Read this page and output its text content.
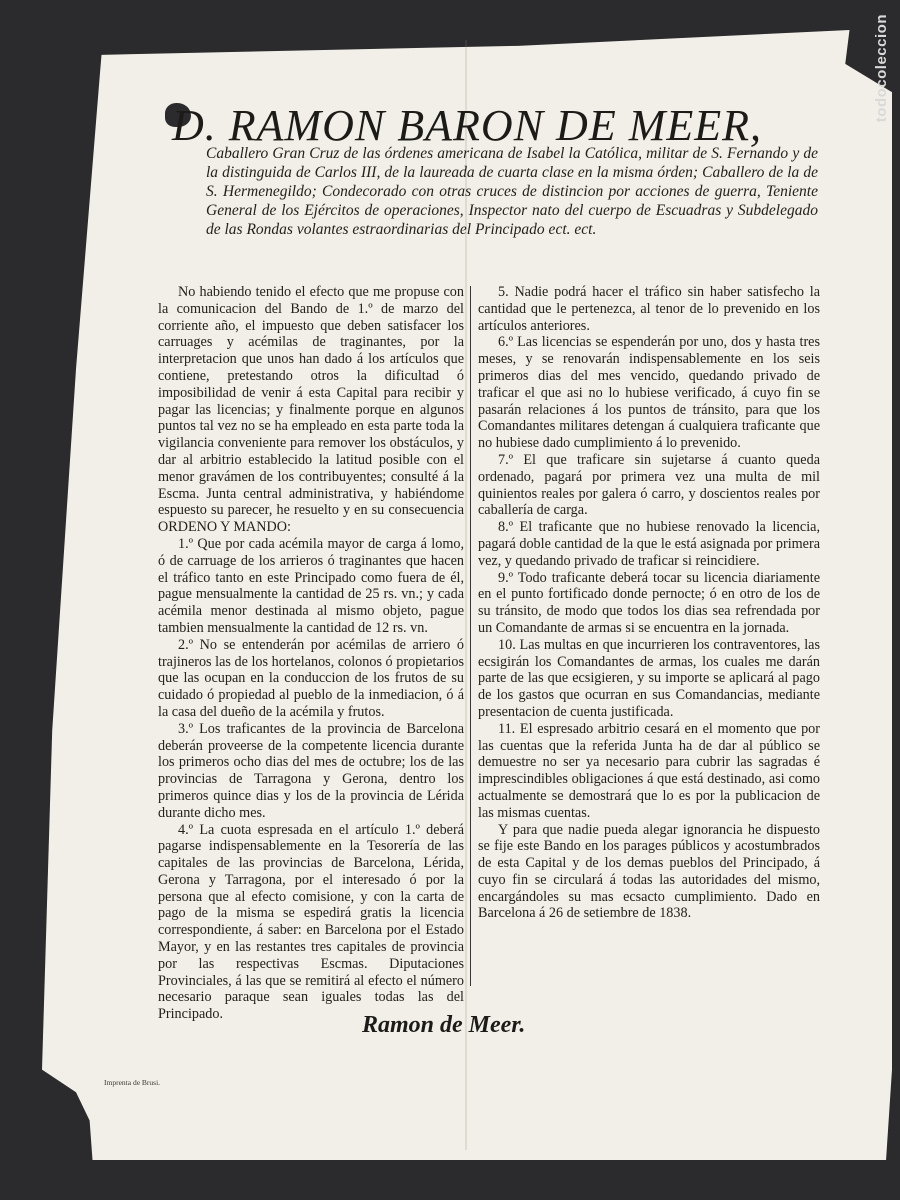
todocoleccion
D. RAMON BARON DE MEER,
Caballero Gran Cruz de las órdenes americana de Isabel la Católica, militar de S. Fernando y de la distinguida de Carlos III, de la laureada de cuarta clase en la misma órden; Caballero de la de S. Hermenegildo; Condecorado con otras cruces de distincion por acciones de guerra, Teniente General de los Ejércitos de operaciones, Inspector nato del cuerpo de Escuadras y Subdelegado de las Rondas volantes estraordinarias del Principado ect. ect.

No habiendo tenido el efecto que me propuse con la comunicacion del Bando de 1.º de marzo del corriente año, el impuesto que deben satisfacer los carruages y acémilas de traginantes, por la interpretacion que unos han dado á los artículos que contiene, pretestando otros la dificultad ó imposibilidad de venir á esta Capital para recibir y pagar las licencias; y finalmente porque en algunos puntos tal vez no se ha empleado en esta parte toda la vigilancia conveniente para remover los obstáculos, y dar al arbitrio establecido la latitud posible con el menor gravámen de los contribuyentes; consulté á la Escma. Junta central administrativa, y habiéndome espuesto su parecer, he resuelto y en su consecuencia ORDENO Y MANDO:

1.º Que por cada acémila mayor de carga á lomo, ó de carruage de los arrieros ó traginantes que hacen el tráfico tanto en este Principado como fuera de él, pague mensualmente la cantidad de 25 rs. vn.; y cada acémila menor destinada al mismo objeto, pague tambien mensualmente la cantidad de 12 rs. vn.

2.º No se entenderán por acémilas de arriero ó trajineros las de los hortelanos, colonos ó propietarios que las ocupan en la conduccion de los frutos de su cuidado ó propiedad al pueblo de la inmediacion, ó á la casa del dueño de la acémila y frutos.

3.º Los traficantes de la provincia de Barcelona deberán proveerse de la competente licencia durante los primeros ocho dias del mes de octubre; los de las provincias de Tarragona y Gerona, dentro los primeros quince dias y los de la provincia de Lérida durante dicho mes.

4.º La cuota espresada en el artículo 1.º deberá pagarse indispensablemente en la Tesorería de las capitales de las provincias de Barcelona, Lérida, Gerona y Tarragona, por el interesado ó por la persona que al efecto comisione, y con la carta de pago de la misma se espedirá gratis la licencia correspondiente, á saber: en Barcelona por el Estado Mayor, y en las restantes tres capitales de provincia por las respectivas Escmas. Diputaciones Provinciales, á las que se remitirá al efecto el número necesario paraque sean iguales todas las del Principado.

5. Nadie podrá hacer el tráfico sin haber satisfecho la cantidad que le pertenezca, al tenor de lo prevenido en los artículos anteriores.

6.º Las licencias se espenderán por uno, dos y hasta tres meses, y se renovarán indispensablemente en los seis primeros dias del mes vencido, quedando privado de traficar el que asi no lo hubiese verificado, á cuyo fin se pasarán relaciones á los puntos de tránsito, para que los Comandantes militares detengan á cualquiera traficante que no hubiese dado cumplimiento á lo prevenido.

7.º El que traficare sin sujetarse á cuanto queda ordenado, pagará por primera vez una multa de mil quinientos reales por galera ó carro, y doscientos reales por caballería de carga.

8.º El traficante que no hubiese renovado la licencia, pagará doble cantidad de la que le está asignada por primera vez, y quedando privado de traficar si reincidiere.

9.º Todo traficante deberá tocar su licencia diariamente en el punto fortificado donde pernocte; ó en otro de los de su tránsito, de modo que todos los dias sea refrendada por un Comandante de armas si se encuentra en la jornada.

10. Las multas en que incurrieren los contraventores, las ecsigirán los Comandantes de armas, los cuales me darán parte de las que ecsigieren, y su importe se aplicará al pago de los gastos que ocurran en sus Comandancias, mediante presentacion de cuenta justificada.

11. El espresado arbitrio cesará en el momento que por las cuentas que la referida Junta ha de dar al público se demuestre no ser ya necesario para cubrir las sagradas é imprescindibles obligaciones á que está destinado, asi como actualmente se demostrará que lo es por la publicacion de las mismas cuentas.

Y para que nadie pueda alegar ignorancia he dispuesto se fije este Bando en los parages públicos y acostumbrados de esta Capital y de los demas pueblos del Principado, á cuyo fin se circulará á todas las autoridades del mismo, encargándoles su mas ecsacto cumplimiento. Dado en Barcelona á 26 de setiembre de 1838.

Ramon de Meer.
Imprenta de Brusi.
